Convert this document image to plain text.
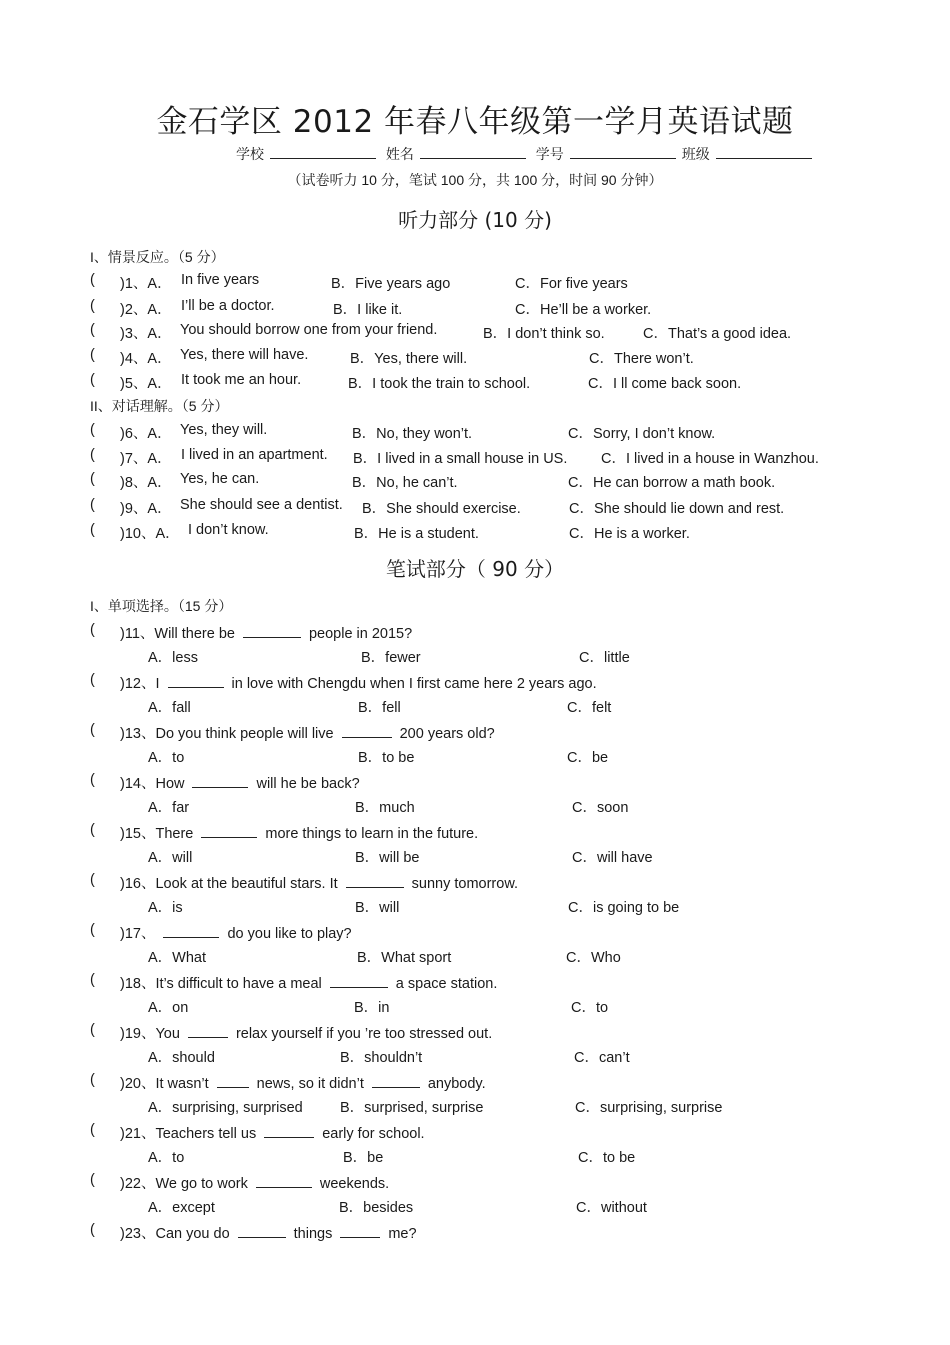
金石学区 2012 年春八年级第一学月英语试题
学校	姓名	学号	班级
（试卷听力 10 分，笔试 100 分，共 100 分，时间 90 分钟）
听力部分 (10 分)
I、情景反应。（5 分）
( )1、A． In five years	B．Five years ago	C．For five years
( )2、A． I’ll be a doctor.	B．I like it.	C．He’ll be a worker.
( )3、A． You should borrow one from your friend.	B．I don’t think so.	C．That’s a good idea.
( )4、A． Yes, there will have.	B．Yes, there will.	C．There won’t.
( )5、A． It took me an hour.	B．I took the train to school.	C．I ll come back soon.
II、对话理解。（5 分）
( )6、A． Yes, they will.	B．No, they won’t.	C．Sorry, I don’t know.
( )7、A． I lived in an apartment. B．I lived in a small house in US. C．I lived in a house in Wanzhou.
( )8、A． Yes, he can.	B．No, he can’t.	C．He can borrow a math book.
( )9、A． She should see a dentist. B．She should exercise.	C．She should lie down and rest.
( )10、A． I don’t know.	B．He is a student.	C．He is a worker.
笔试部分（ 90 分）
I、单项选择。（15 分）
( )11、Will there be	people in 2015?
A．less	B．fewer	C．little
( )12、I	in love with Chengdu when I first came here 2 years ago.
A．fall	B．fell	C．felt
( )13、Do you think people will live	200 years old?
A．to	B．to be	C．be
( )14、How	will he be back?
A．far	B．much	C．soon
( )15、There	more things to learn in the future.
A．will	B．will be	C．will have
( )16、Look at the beautiful stars. It	sunny tomorrow.
A．is	B．will	C．is going to be
( )17、	do you like to play?
A．What	B．What sport	C．Who
( )18、It’s difficult to have a meal	a space station.
A．on	B．in	C．to
( )19、You	relax yourself if you ’re too stressed out.
A．should	B．shouldn’t	C．can’t
( )20、It wasn’t	news, so it didn’t	anybody.
A．surprising, surprised	B．surprised, surprise	C．surprising, surprise
( )21、Teachers tell us	early for school.
A．to	B．be	C．to be
( )22、We go to work	weekends.
A．except	B．besides	C．without
( )23、Can you do	things	me?
